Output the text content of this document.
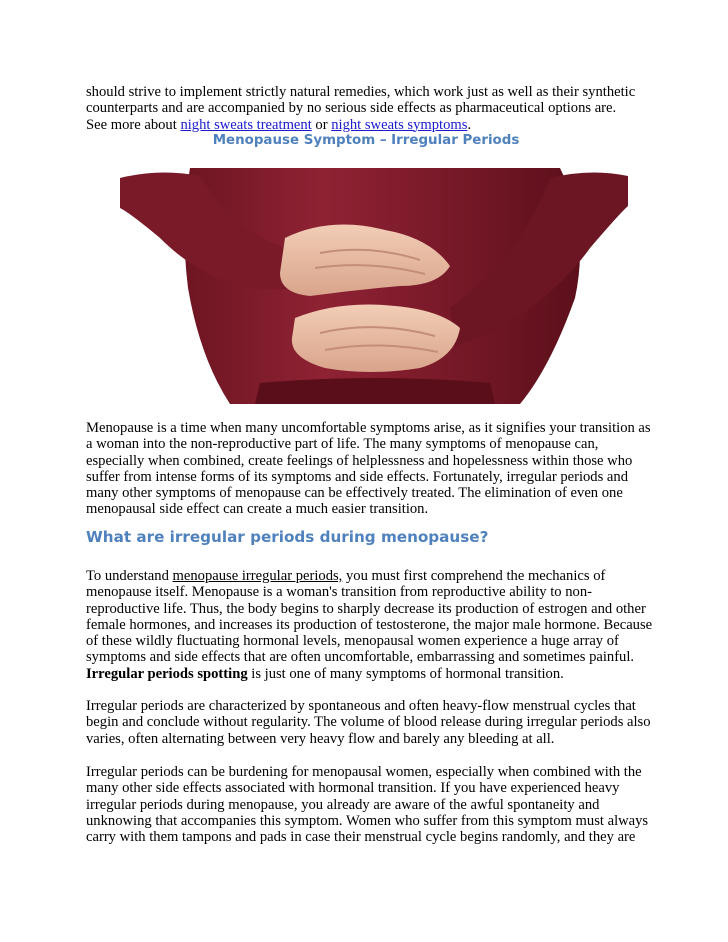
should strive to implement strictly natural remedies, which work just as well as their synthetic
counterparts and are accompanied by no serious side effects as pharmaceutical options are.
See more about night sweats treatment or night sweats symptoms.
Menopause Symptom – Irregular Periods
Menopause is a time when many uncomfortable symptoms arise, as it signifies your transition as
a woman into the non-reproductive part of life. The many symptoms of menopause can,
especially when combined, create feelings of helplessness and hopelessness within those who
suffer from intense forms of its symptoms and side effects. Fortunately, irregular periods and
many other symptoms of menopause can be effectively treated. The elimination of even one
menopausal side effect can create a much easier transition.
What are irregular periods during menopause?
To understand menopause irregular periods, you must first comprehend the mechanics of
menopause itself. Menopause is a woman's transition from reproductive ability to non-
reproductive life. Thus, the body begins to sharply decrease its production of estrogen and other
female hormones, and increases its production of testosterone, the major male hormone. Because
of these wildly fluctuating hormonal levels, menopausal women experience a huge array of
symptoms and side effects that are often uncomfortable, embarrassing and sometimes painful.
Irregular periods spotting is just one of many symptoms of hormonal transition.
Irregular periods are characterized by spontaneous and often heavy-flow menstrual cycles that
begin and conclude without regularity. The volume of blood release during irregular periods also
varies, often alternating between very heavy flow and barely any bleeding at all.
Irregular periods can be burdening for menopausal women, especially when combined with the
many other side effects associated with hormonal transition. If you have experienced heavy
irregular periods during menopause, you already are aware of the awful spontaneity and
unknowing that accompanies this symptom. Women who suffer from this symptom must always
carry with them tampons and pads in case their menstrual cycle begins randomly, and they are
